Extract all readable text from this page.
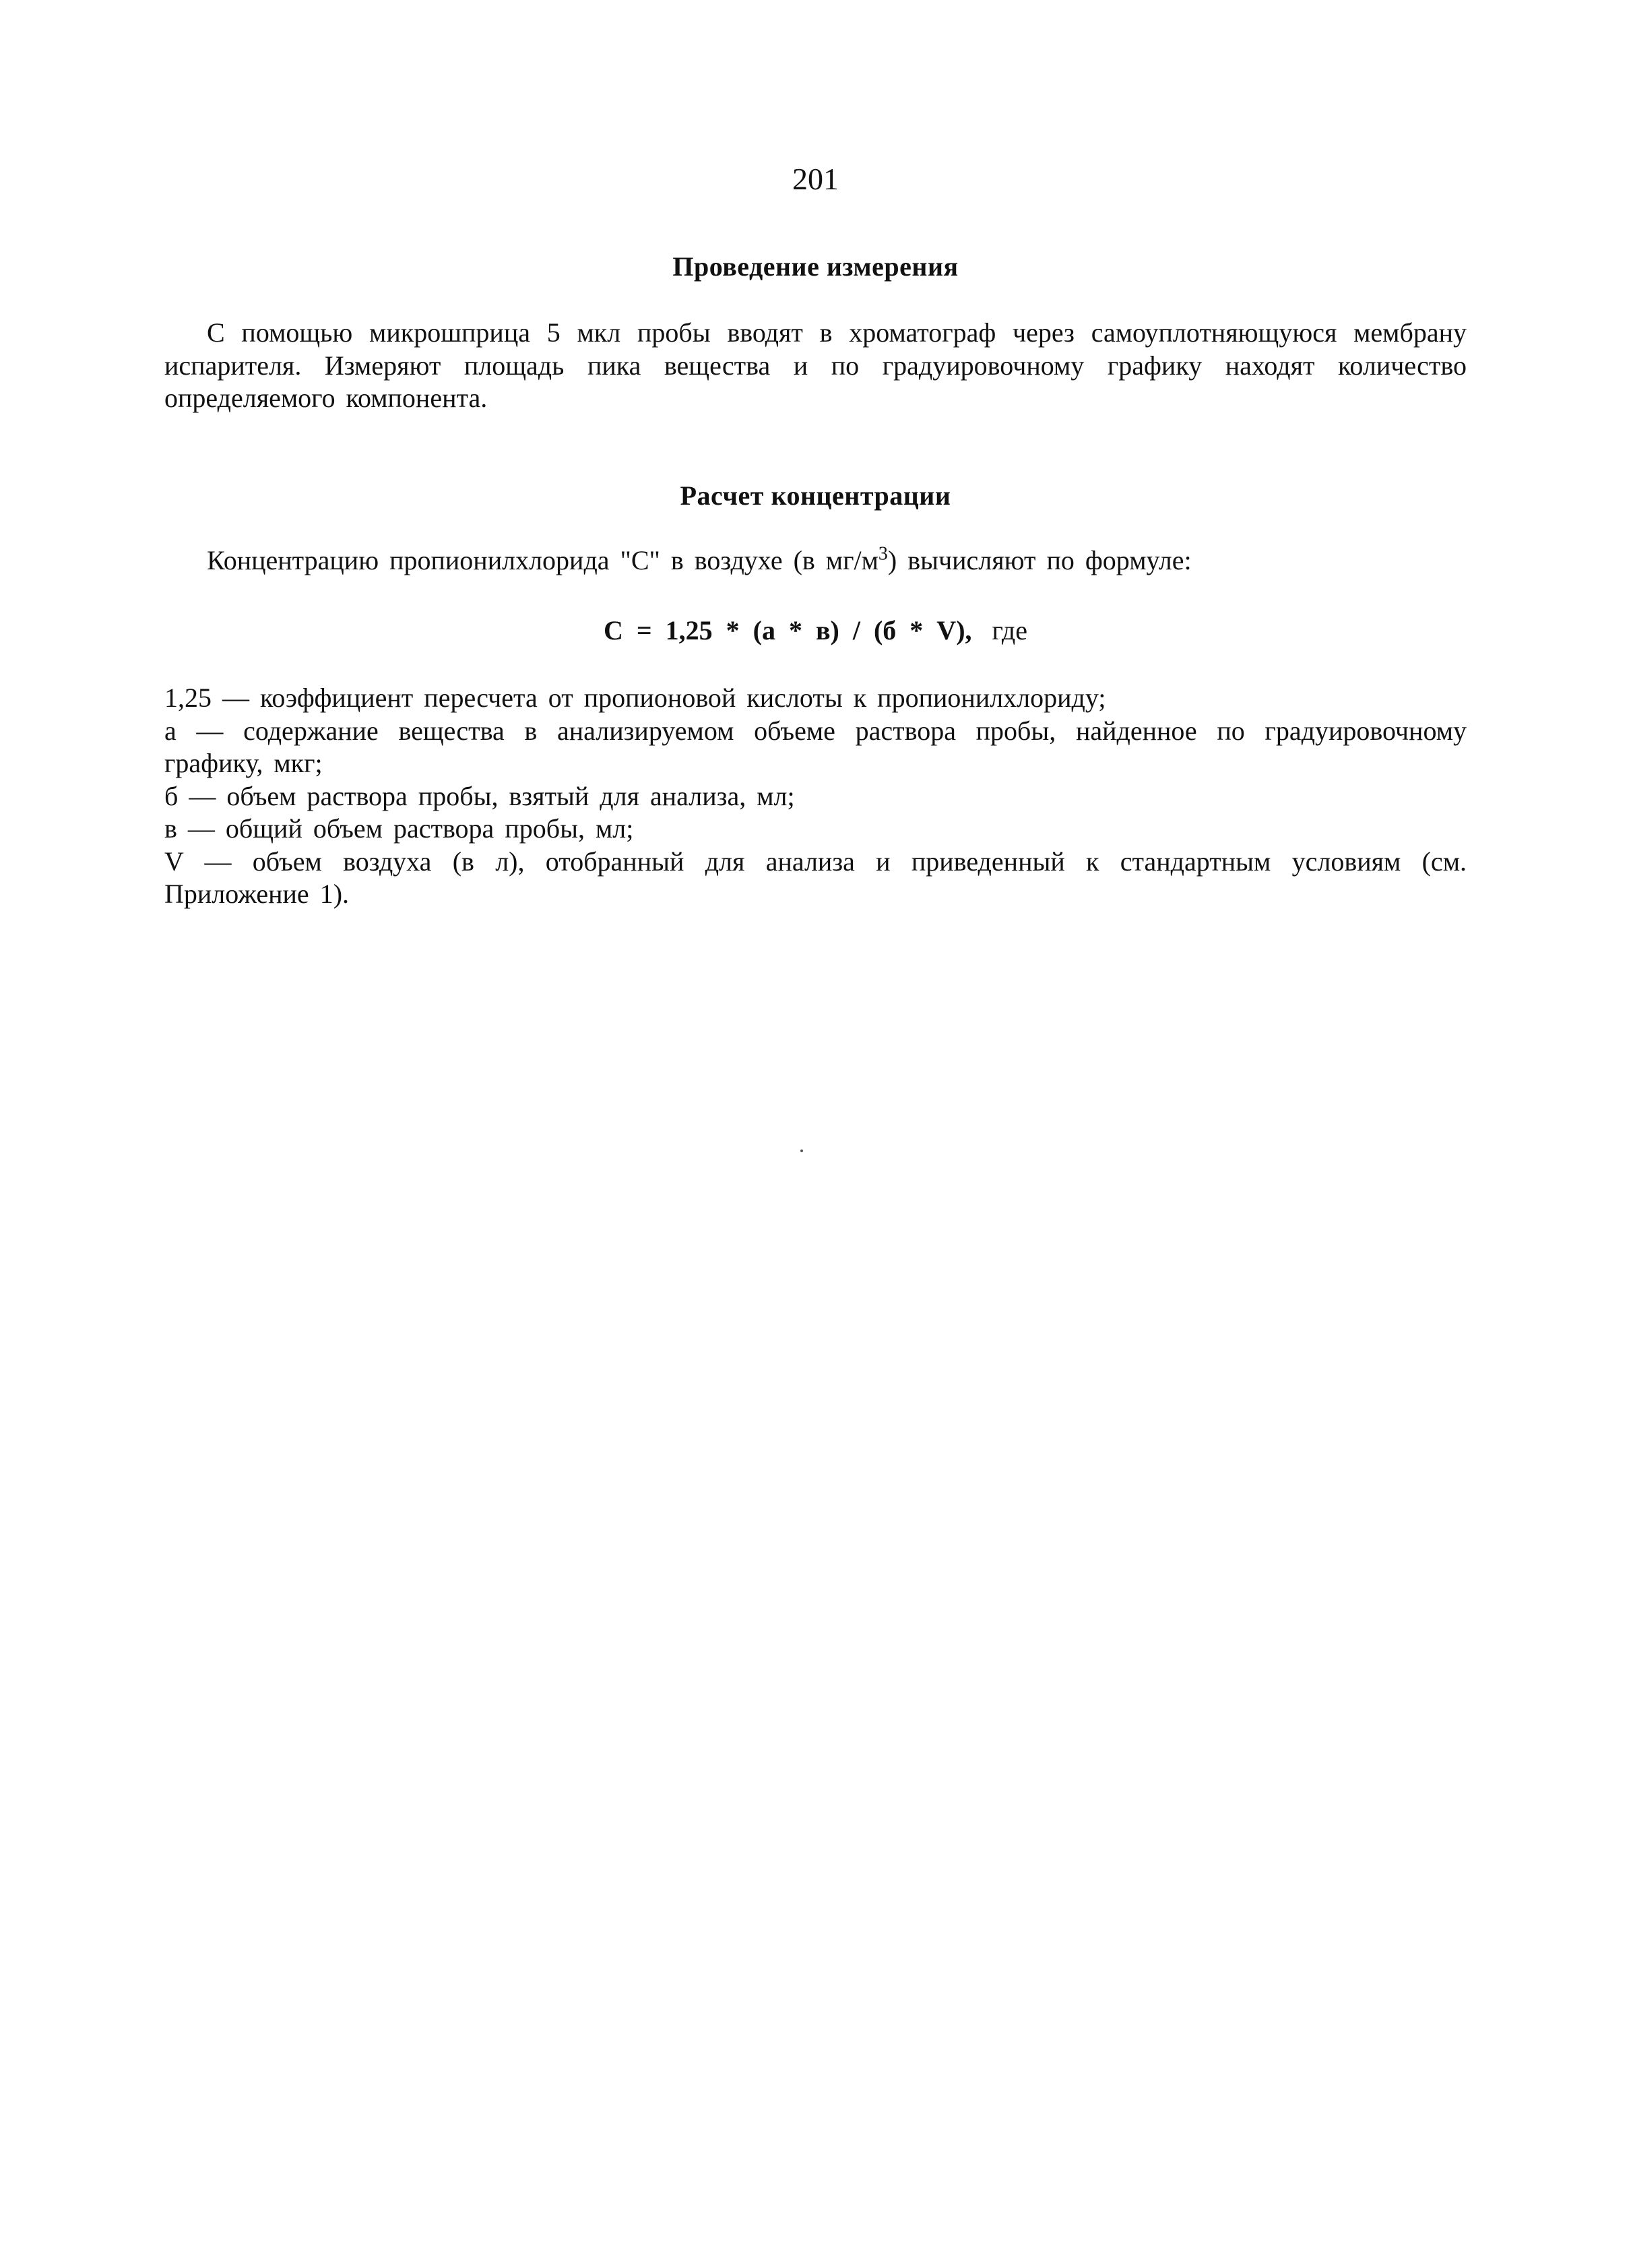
201
Проведение измерения
С помощью микрошприца 5 мкл пробы вводят в хроматограф через самоуплотняющуюся мембрану испарителя. Измеряют площадь пика вещества и по градуировочному графику находят количество определяемого компонента.
Расчет концентрации
Концентрацию пропионилхлорида "С" в воздухе (в $мг/м^3$) вычисляют по формуле:
С = 1,25 * (а * в) / (б * V), где

1,25 — коэффициент пересчета от пропионовой кислоты к пропионилхлориду;

а — содержание вещества в анализируемом объеме раствора пробы, найденное по градуировочному графику, мкг;

б — объем раствора пробы, взятый для анализа, мл;

в — общий объем раствора пробы, мл;

V — объем воздуха (в л), отобранный для анализа и приведенный к стандартным условиям (см. Приложение 1).
